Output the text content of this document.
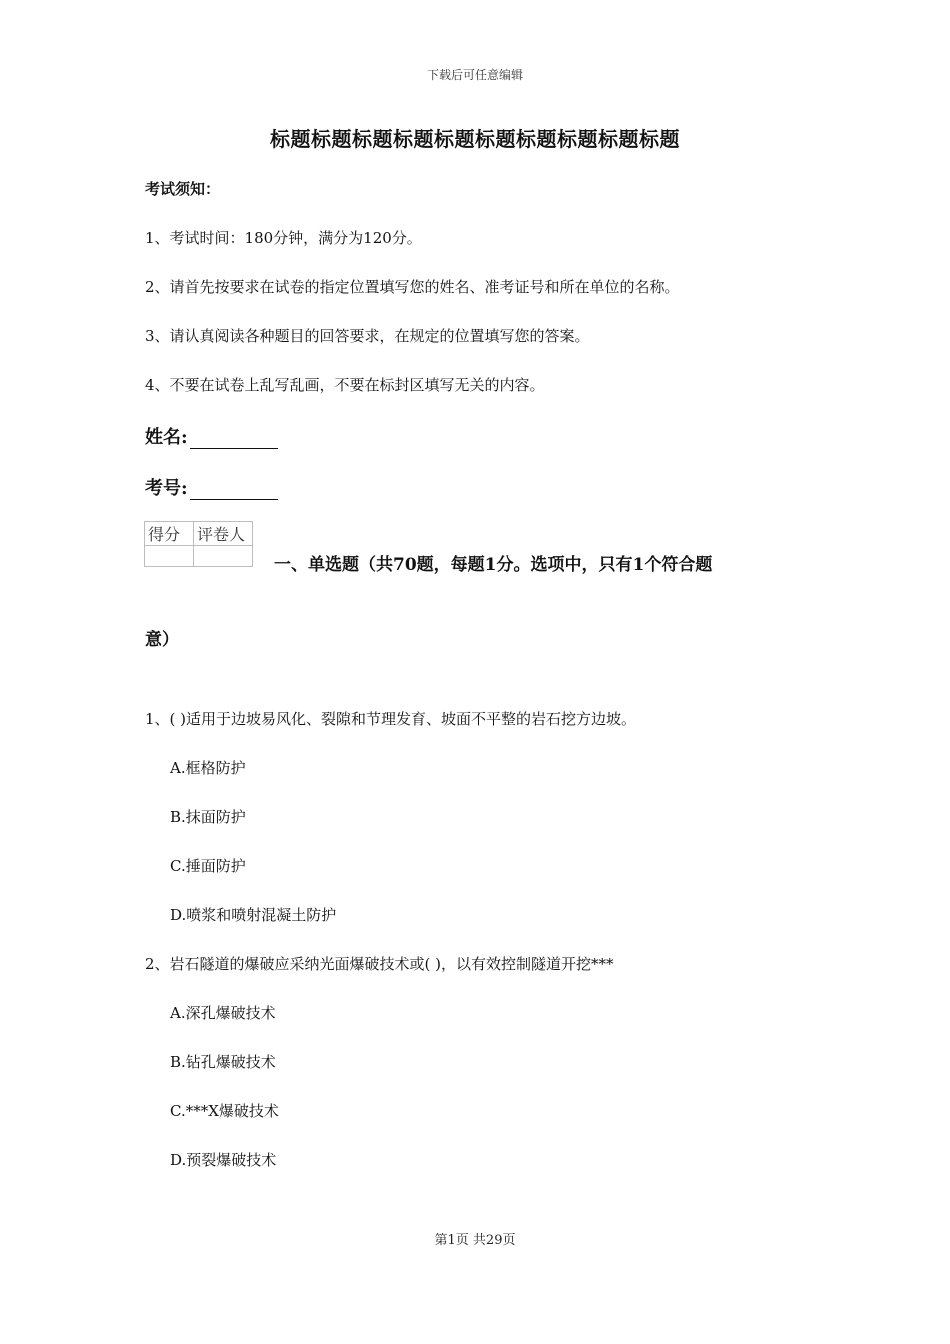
下载后可任意编辑
标题标题标题标题标题标题标题标题标题标题
考试须知：
1、考试时间：180分钟，满分为120分。
2、请首先按要求在试卷的指定位置填写您的姓名、准考证号和所在单位的名称。
3、请认真阅读各种题目的回答要求，在规定的位置填写您的答案。
4、不要在试卷上乱写乱画，不要在标封区填写无关的内容。
姓名:
考号:
得分	评卷人

一、单选题（共70题，每题1分。选项中，只有1个符合题
意）
1、( )适用于边坡易风化、裂隙和节理发育、坡面不平整的岩石挖方边坡。
A.框格防护
B.抹面防护
C.捶面防护
D.喷浆和喷射混凝土防护
2、岩石隧道的爆破应采纳光面爆破技术或( )，以有效控制隧道开挖***
A.深孔爆破技术
B.钻孔爆破技术
C.***X爆破技术
D.预裂爆破技术
第1页 共29页
